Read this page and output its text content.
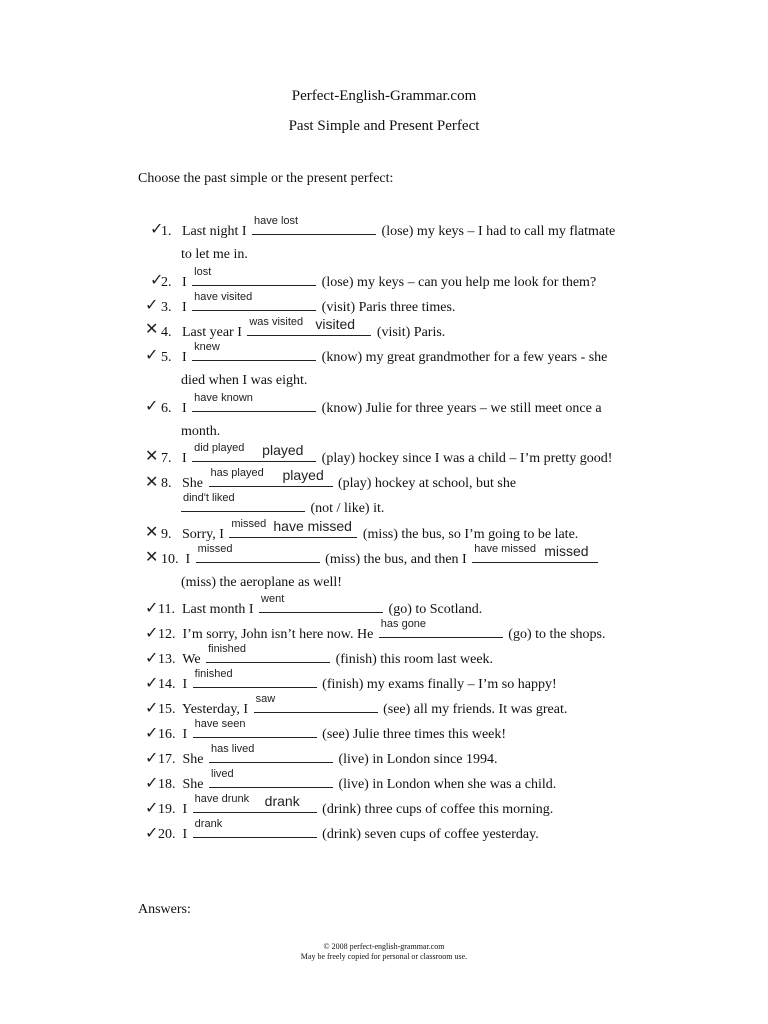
Perfect-English-Grammar.com
Past Simple and Present Perfect
Choose the past simple or the present perfect:
✓
1. Last night I
have lost
(lose) my keys – I had to call my flatmate
to let me in.
✓
2. I
lost
(lose) my keys – can you help me look for them?
✓ 3. I
have visited
(visit) Paris three times.
✕ 4. Last year I
was visited visited
(visit) Paris.
✓ 5. I
knew
(know) my great grandmother for a few years - she
died when I was eight.
✓ 6. I
have known
(know) Julie for three years – we still meet once a
month.
✕ 7. I
did played played
(play) hockey since I was a child – I’m pretty good!
✕ 8. She
has played played
(play) hockey at school, but she
dind't liked
(not / like) it.
✕ 9. Sorry, I
missed have missed
(miss) the bus, so I’m going to be late.
✕ 10. I
missed
(miss) the bus, and then I
have missed missed
(miss) the aeroplane as well!
✓ 11. Last month I
went
(go) to Scotland.
✓ 12. I’m sorry, John isn’t here now. He
has gone
(go) to the shops.
✓ 13. We
finished
(finish) this room last week.
✓ 14. I
finished
(finish) my exams finally – I’m so happy!
✓ 15. Yesterday, I
saw
(see) all my friends. It was great.
✓ 16. I
have seen
(see) Julie three times this week!
✓ 17. She
has lived
(live) in London since 1994.
✓ 18. She
lived
(live) in London when she was a child.
✓ 19. I
have drunk drank
(drink) three cups of coffee this morning.
✓ 20. I
drank
(drink) seven cups of coffee yesterday.
Answers:
© 2008 perfect-english-grammar.com
May be freely copied for personal or classroom use.
